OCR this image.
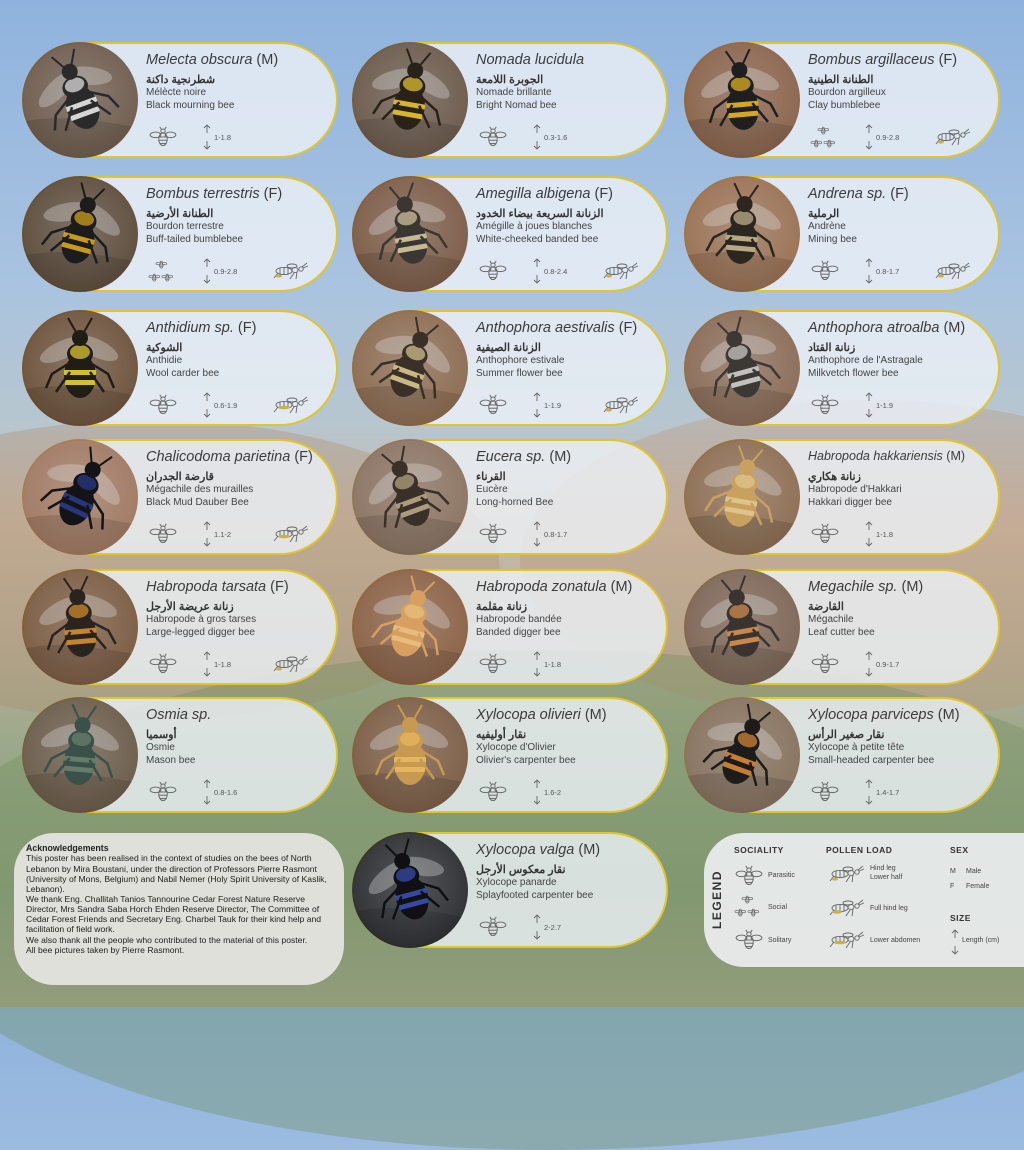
Melecta obscura (M)
شطرنجية داكنة
Mélècte noire
Black mourning bee
1-1.8
Nomada lucidula
الجوبرة اللامعة
Nomade brillante
Bright Nomad bee
0.3-1.6
Bombus argillaceus (F)
الطنانة الطينية
Bourdon argilleux
Clay bumblebee
0.9-2.8
Bombus terrestris (F)
الطنانة الأرضية
Bourdon terrestre
Buff-tailed bumblebee
0.9-2.8
Amegilla albigena (F)
الزنانة السريعة بيضاء الخدود
Amégille à joues blanches
White-cheeked banded bee
0.8-2.4
Andrena sp. (F)
الرملية
Andrène
Mining bee
0.8-1.7
Anthidium sp. (F)
الشوكية
Anthidie
Wool carder bee
0.6-1.9
Anthophora aestivalis (F)
الزنانة الصيفية
Anthophore estivale
Summer flower bee
1-1.9
Anthophora atroalba (M)
زنانة القتاد
Anthophore de l'Astragale
Milkvetch flower bee
1-1.9
Chalicodoma parietina (F)
قارضة الجدران
Mégachile des murailles
Black Mud Dauber Bee
1.1-2
Eucera sp. (M)
القرناء
Eucère
Long-horned Bee
0.8-1.7
Habropoda hakkariensis (M)
زنانة هكاري
Habropode d'Hakkari
Hakkari digger bee
1-1.8
Habropoda tarsata (F)
زنانة عريضة الأرجل
Habropode à gros tarses
Large-legged digger bee
1-1.8
Habropoda zonatula (M)
زنانة مقلمة
Habropode bandée
Banded digger bee
1-1.8
Megachile sp. (M)
القارضة
Mégachile
Leaf cutter bee
0.9-1.7
Osmia sp.
أوسميا
Osmie
Mason bee
0.8-1.6
Xylocopa olivieri (M)
نقار أوليفيه
Xylocope d'Olivier
Olivier's carpenter bee
1.6-2
Xylocopa parviceps (M)
نقار صغير الرأس
Xylocope à petite tête
Small-headed carpenter bee
1.4-1.7
Xylocopa valga (M)
نقار معكوس الأرجل
Xylocope panarde
Splayfooted carpenter bee
2-2.7
Acknowledgements
This poster has been realised in the context of studies on the bees of North Lebanon by Mira Boustani, under the direction of Professors Pierre Rasmont (University of Mons, Belgium) and Nabil Nemer (Holy Spirit University of Kaslik, Lebanon).
We thank Eng. Challitah Tanios Tannourine Cedar Forest Nature Reserve Director, Mrs Sandra Saba Horch Ehden Reserve Director, The Committee of Cedar Forest Friends and Secretary Eng. Charbel Tauk for their kind help and facilitation of field work.
We also thank all the people who contributed to the material of this poster.
All bee pictures taken by Pierre Rasmont.
LEGEND
SOCIALITY	POLLEN LOAD	SEX
SIZE
Parasitic
Social
Solitary
Hind leg
Lower half
Full hind leg
Lower abdomen
M Male
F Female
Length (cm)
